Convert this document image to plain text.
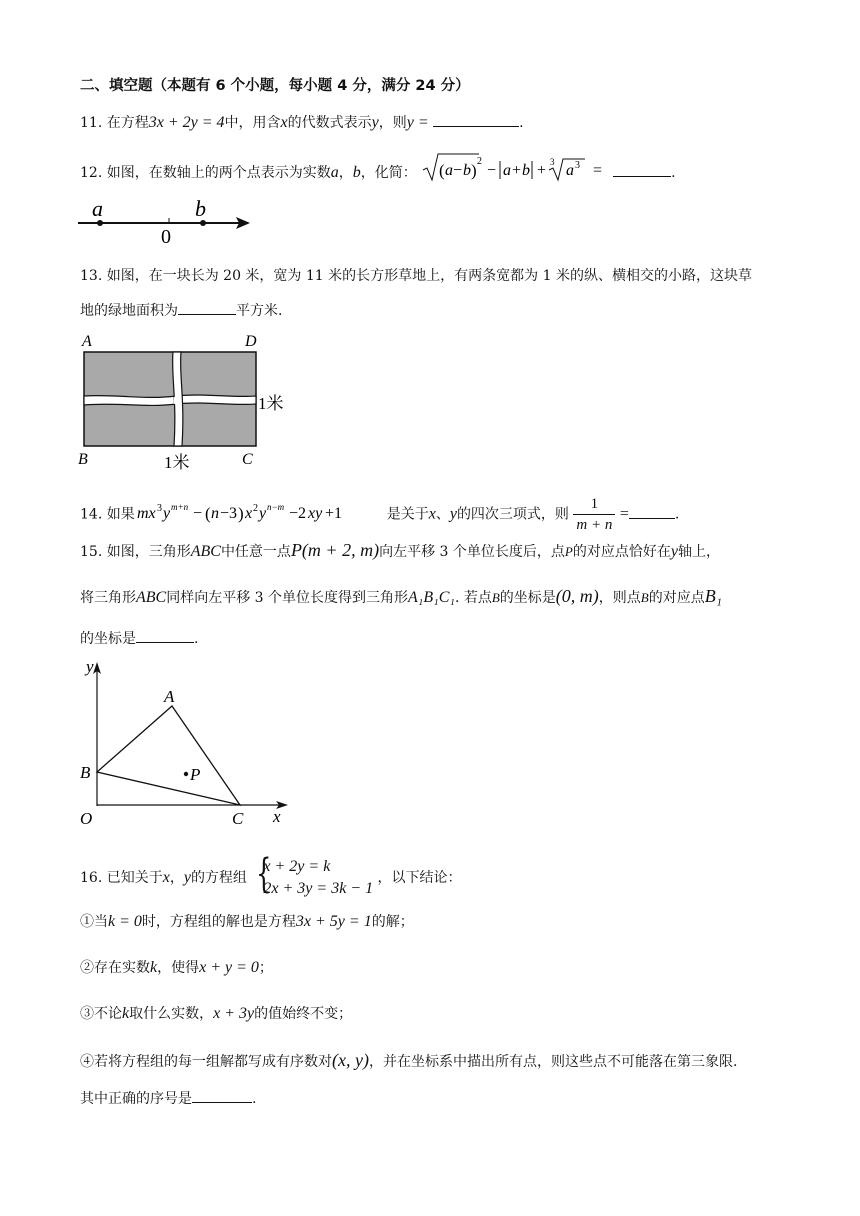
二、填空题（本题有 6 个小题，每小题 4 分，满分 24 分）
11. 在方程3x + 2y = 4中，用含x的代数式表示y，则y =	.
12. 如图，在数轴上的两个点表示为实数a，b，化简： ( a − b ) 2
− a + b + 3 a 3 =	.
a	b
0
13. 如图，在一块长为 20 米，宽为 11 米的长方形草地上，有两条宽都为 1 米的纵、横相交的小路，这块草
地的绿地面积为	平方米.
A	D
B	C
1米
1米
14. 如果 mx 3 y m+n − ( n −3 ) x 2 y n−m −2 xy +1	是关于x、y的四次三项式，则 $\frac{1}{m + n}$ =	.
15. 如图，三角形ABC中任意一点P(m + 2, m)向左平移 3 个单位长度后，点P的对应点恰好在y轴上，
将三角形ABC同样向左平移 3 个单位长度得到三角形A₁B₁C₁. 若点B的坐标是(0, m)，则点B的对应点B₁
的坐标是	.
y
x
O
A
B
C
P
16. 已知关于x，y的方程组 {
x + 2y = k
2x + 3y = 3k − 1
，以下结论：
①当k = 0时，方程组的解也是方程3x + 5y = 1的解；
②存在实数k，使得x + y = 0；
③不论k取什么实数，x + 3y的值始终不变；
④若将方程组的每一组解都写成有序数对(x, y)，并在坐标系中描出所有点，则这些点不可能落在第三象限.
其中正确的序号是	.
